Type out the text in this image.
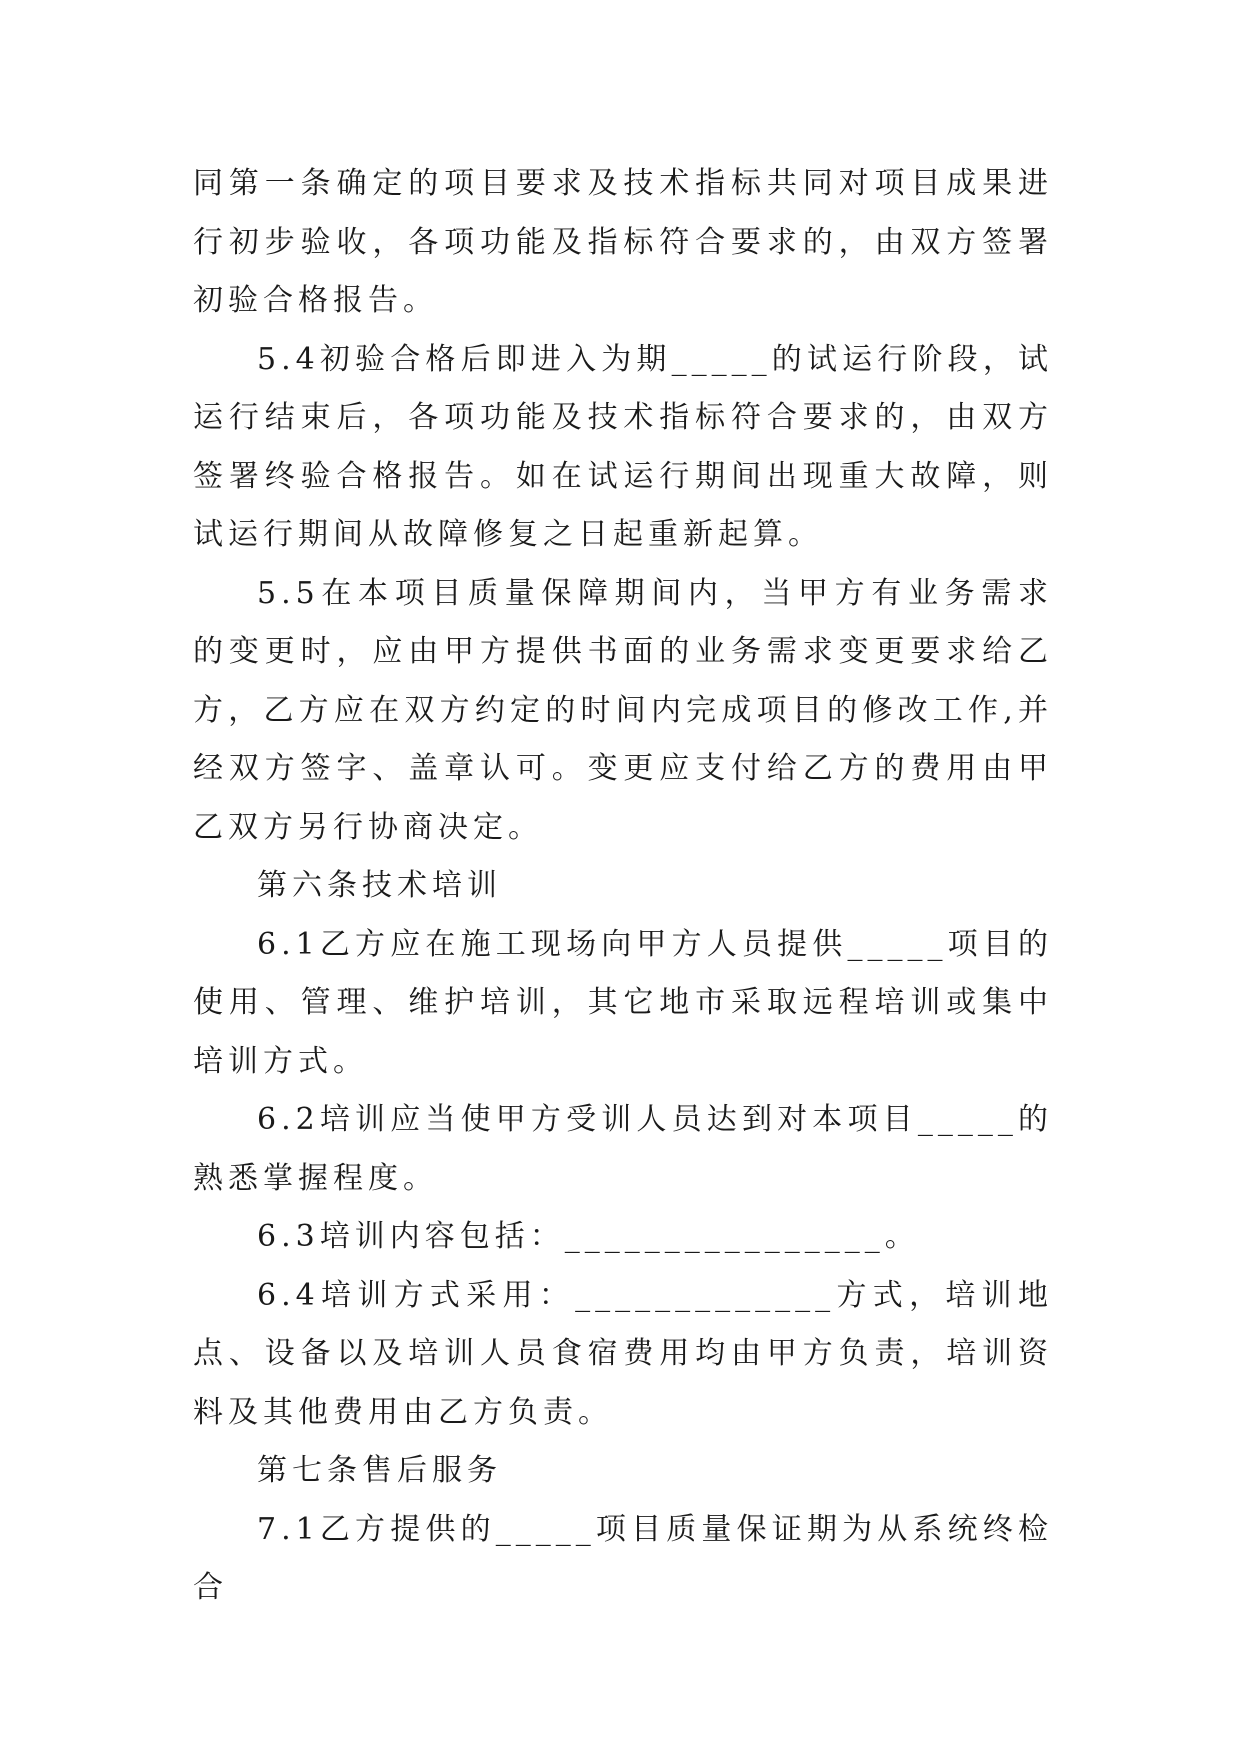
同第一条确定的项目要求及技术指标共同对项目成果进行初步验收，各项功能及指标符合要求的，由双方签署初验合格报告。

5.4初验合格后即进入为期_____的试运行阶段，试运行结束后，各项功能及技术指标符合要求的，由双方签署终验合格报告。如在试运行期间出现重大故障，则试运行期间从故障修复之日起重新起算。

5.5在本项目质量保障期间内，当甲方有业务需求的变更时，应由甲方提供书面的业务需求变更要求给乙方，乙方应在双方约定的时间内完成项目的修改工作,并经双方签字、盖章认可。变更应支付给乙方的费用由甲乙双方另行协商决定。

第六条技术培训

6.1乙方应在施工现场向甲方人员提供_____项目的使用、管理、维护培训，其它地市采取远程培训或集中培训方式。

6.2培训应当使甲方受训人员达到对本项目_____的熟悉掌握程度。

6.3培训内容包括：________________。

6.4培训方式采用：_____________方式，培训地点、设备以及培训人员食宿费用均由甲方负责，培训资料及其他费用由乙方负责。

第七条售后服务

7.1乙方提供的_____项目质量保证期为从系统终检合
